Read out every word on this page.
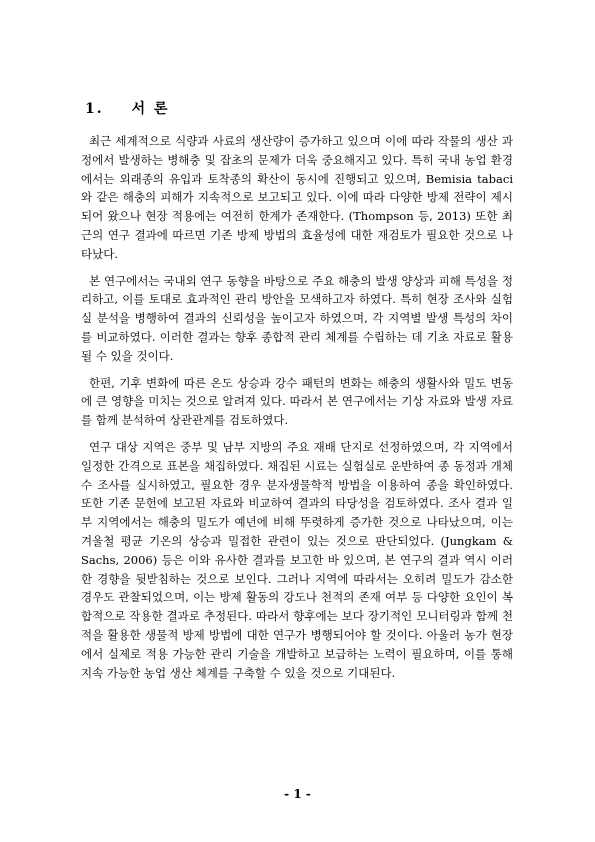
1. 서 론

최근 세계적으로 식량과 사료의 생산량이 증가하고 있으며 이에 따라 작물의 생산 과정에서 발생하는 병해충 및 잡초의 문제가 더욱 중요해지고 있다. 특히 국내 농업 환경에서는 외래종의 유입과 토착종의 확산이 동시에 진행되고 있으며, Bemisia tabaci 와 같은 해충의 피해가 지속적으로 보고되고 있다. 이에 따라 다양한 방제 전략이 제시되어 왔으나 현장 적용에는 여전히 한계가 존재한다. (Thompson 등, 2013) 또한 최근의 연구 결과에 따르면 기존 방제 방법의 효율성에 대한 재검토가 필요한 것으로 나타났다.

본 연구에서는 국내외 연구 동향을 바탕으로 주요 해충의 발생 양상과 피해 특성을 정리하고, 이를 토대로 효과적인 관리 방안을 모색하고자 하였다. 특히 현장 조사와 실험실 분석을 병행하여 결과의 신뢰성을 높이고자 하였으며, 각 지역별 발생 특성의 차이를 비교하였다. 이러한 결과는 향후 종합적 관리 체계를 수립하는 데 기초 자료로 활용될 수 있을 것이다.

한편, 기후 변화에 따른 온도 상승과 강수 패턴의 변화는 해충의 생활사와 밀도 변동에 큰 영향을 미치는 것으로 알려져 있다. 따라서 본 연구에서는 기상 자료와 발생 자료를 함께 분석하여 상관관계를 검토하였다.

연구 대상 지역은 중부 및 남부 지방의 주요 재배 단지로 선정하였으며, 각 지역에서 일정한 간격으로 표본을 채집하였다. 채집된 시료는 실험실로 운반하여 종 동정과 개체수 조사를 실시하였고, 필요한 경우 분자생물학적 방법을 이용하여 종을 확인하였다. 또한 기존 문헌에 보고된 자료와 비교하여 결과의 타당성을 검토하였다. 조사 결과 일부 지역에서는 해충의 밀도가 예년에 비해 뚜렷하게 증가한 것으로 나타났으며, 이는 겨울철 평균 기온의 상승과 밀접한 관련이 있는 것으로 판단되었다. (Jungkam & Sachs, 2006) 등은 이와 유사한 결과를 보고한 바 있으며, 본 연구의 결과 역시 이러한 경향을 뒷받침하는 것으로 보인다. 그러나 지역에 따라서는 오히려 밀도가 감소한 경우도 관찰되었으며, 이는 방제 활동의 강도나 천적의 존재 여부 등 다양한 요인이 복합적으로 작용한 결과로 추정된다. 따라서 향후에는 보다 장기적인 모니터링과 함께 천적을 활용한 생물적 방제 방법에 대한 연구가 병행되어야 할 것이다. 아울러 농가 현장에서 실제로 적용 가능한 관리 기술을 개발하고 보급하는 노력이 필요하며, 이를 통해 지속 가능한 농업 생산 체계를 구축할 수 있을 것으로 기대된다.

- 1 -
